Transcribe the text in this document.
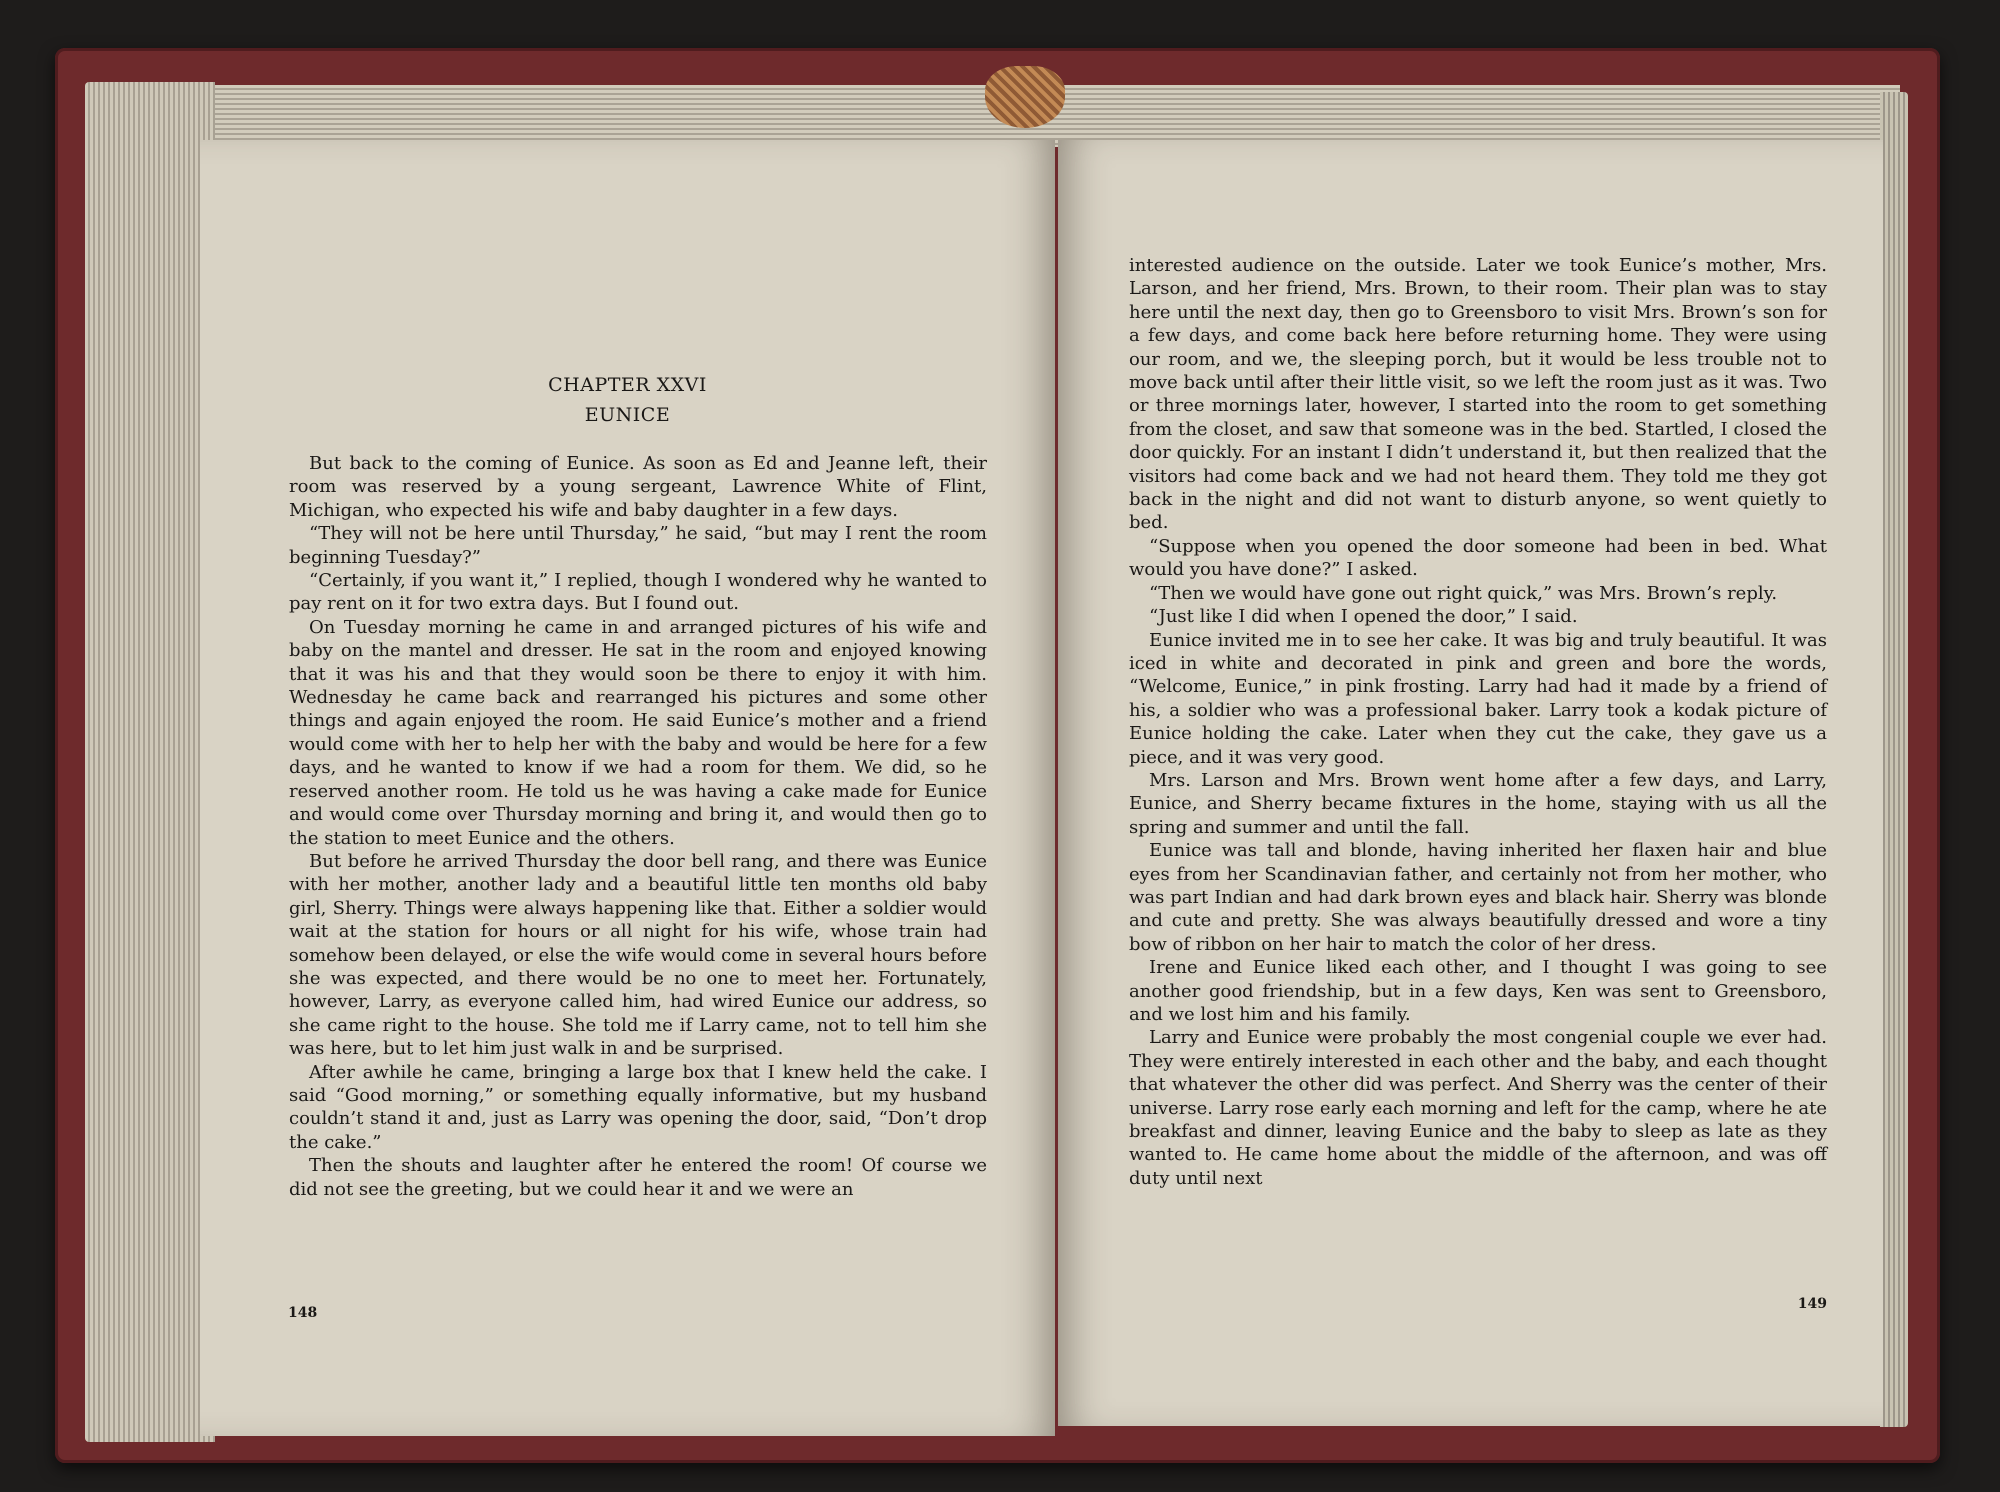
CHAPTER XXVI
EUNICE

But back to the coming of Eunice. As soon as Ed and Jeanne left, their room was reserved by a young sergeant, Lawrence White of Flint, Michigan, who expected his wife and baby daughter in a few days.

“They will not be here until Thursday,” he said, “but may I rent the room beginning Tuesday?”

“Certainly, if you want it,” I replied, though I wondered why he wanted to pay rent on it for two extra days. But I found out.

On Tuesday morning he came in and arranged pictures of his wife and baby on the mantel and dresser. He sat in the room and enjoyed knowing that it was his and that they would soon be there to enjoy it with him. Wednesday he came back and rearranged his pictures and some other things and again enjoyed the room. He said Eunice’s mother and a friend would come with her to help her with the baby and would be here for a few days, and he wanted to know if we had a room for them. We did, so he reserved another room. He told us he was having a cake made for Eunice and would come over Thursday morning and bring it, and would then go to the station to meet Eunice and the others.

But before he arrived Thursday the door bell rang, and there was Eunice with her mother, another lady and a beautiful little ten months old baby girl, Sherry. Things were always happening like that. Either a soldier would wait at the station for hours or all night for his wife, whose train had somehow been delayed, or else the wife would come in several hours before she was expected, and there would be no one to meet her. Fortunately, however, Larry, as everyone called him, had wired Eunice our address, so she came right to the house. She told me if Larry came, not to tell him she was here, but to let him just walk in and be surprised.

After awhile he came, bringing a large box that I knew held the cake. I said “Good morning,” or something equally informative, but my husband couldn’t stand it and, just as Larry was opening the door, said, “Don’t drop the cake.”

Then the shouts and laughter after he entered the room! Of course we did not see the greeting, but we could hear it and we were an

148

interested audience on the outside. Later we took Eunice’s mother, Mrs. Larson, and her friend, Mrs. Brown, to their room. Their plan was to stay here until the next day, then go to Greensboro to visit Mrs. Brown’s son for a few days, and come back here before returning home. They were using our room, and we, the sleeping porch, but it would be less trouble not to move back until after their little visit, so we left the room just as it was. Two or three mornings later, however, I started into the room to get something from the closet, and saw that someone was in the bed. Startled, I closed the door quickly. For an instant I didn’t understand it, but then realized that the visitors had come back and we had not heard them. They told me they got back in the night and did not want to disturb anyone, so went quietly to bed.

“Suppose when you opened the door someone had been in bed. What would you have done?” I asked.

“Then we would have gone out right quick,” was Mrs. Brown’s reply.

“Just like I did when I opened the door,” I said.

Eunice invited me in to see her cake. It was big and truly beautiful. It was iced in white and decorated in pink and green and bore the words, “Welcome, Eunice,” in pink frosting. Larry had had it made by a friend of his, a soldier who was a professional baker. Larry took a kodak picture of Eunice holding the cake. Later when they cut the cake, they gave us a piece, and it was very good.

Mrs. Larson and Mrs. Brown went home after a few days, and Larry, Eunice, and Sherry became fixtures in the home, staying with us all the spring and summer and until the fall.

Eunice was tall and blonde, having inherited her flaxen hair and blue eyes from her Scandinavian father, and certainly not from her mother, who was part Indian and had dark brown eyes and black hair. Sherry was blonde and cute and pretty. She was always beautifully dressed and wore a tiny bow of ribbon on her hair to match the color of her dress.

Irene and Eunice liked each other, and I thought I was going to see another good friendship, but in a few days, Ken was sent to Greensboro, and we lost him and his family.

Larry and Eunice were probably the most congenial couple we ever had. They were entirely interested in each other and the baby, and each thought that whatever the other did was perfect. And Sherry was the center of their universe. Larry rose early each morning and left for the camp, where he ate breakfast and dinner, leaving Eunice and the baby to sleep as late as they wanted to. He came home about the middle of the afternoon, and was off duty until next

149
